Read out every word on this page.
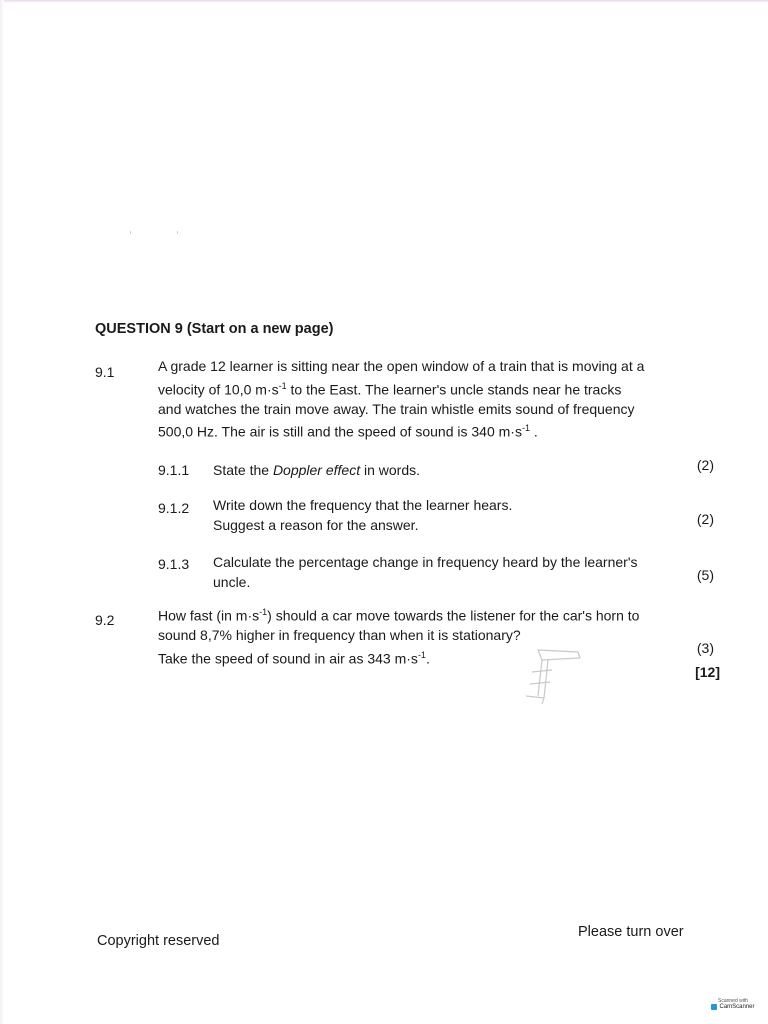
QUESTION 9 (Start on a new page)
9.1	A grade 12 learner is sitting near the open window of a train that is moving at a
velocity of 10,0 $m\cdot s^{-1}$ to the East. The learner's uncle stands near he tracks
and watches the train move away. The train whistle emits sound of frequency
500,0 Hz. The air is still and the speed of sound is 340 $m\cdot s^{-1}$ .
9.1.1 State the Doppler effect in words.	(2)
9.1.2 Write down the frequency that the learner hears.
Suggest a reason for the answer.	(2)
9.1.3 Calculate the percentage change in frequency heard by the learner's
uncle.	(5)
9.2	How fast (in $m\cdot s^{-1}$) should a car move towards the listener for the car's horn to
sound 8,7% higher in frequency than when it is stationary?
Take the speed of sound in air as 343 $m\cdot s^{-1}$.
(3)
[12]
Copyright reserved
Please turn over
Scanned with
CamScanner
